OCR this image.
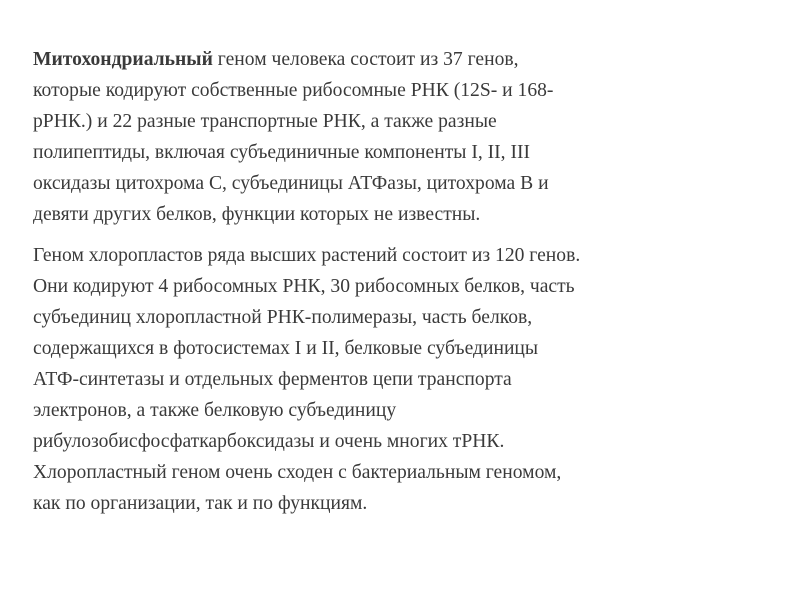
Митохондриальный геном человека состоит из 37 генов,
которые кодируют собственные рибосомные РНК (12S- и 168-
рРНК.) и 22 разные транспортные РНК, а также разные
полипептиды, включая субъединичные компоненты I, II, III
оксидазы цитохрома С, субъединицы АТФазы, цитохрома В и
девяти других белков, функции которых не известны.

Геном хлоропластов ряда высших растений состоит из 120 генов.
Они кодируют 4 рибосомных РНК, 30 рибосомных белков, часть
субъединиц хлоропластной РНК-полимеразы, часть белков,
содержащихся в фотосистемах I и II, белковые субъединицы
АТФ-синтетазы и отдельных ферментов цепи транспорта
электронов, а также белковую субъединицу
рибулозобисфосфаткарбоксидазы и очень многих тРНК.
Хлоропластный геном очень сходен с бактериальным геномом,
как по организации, так и по функциям.
